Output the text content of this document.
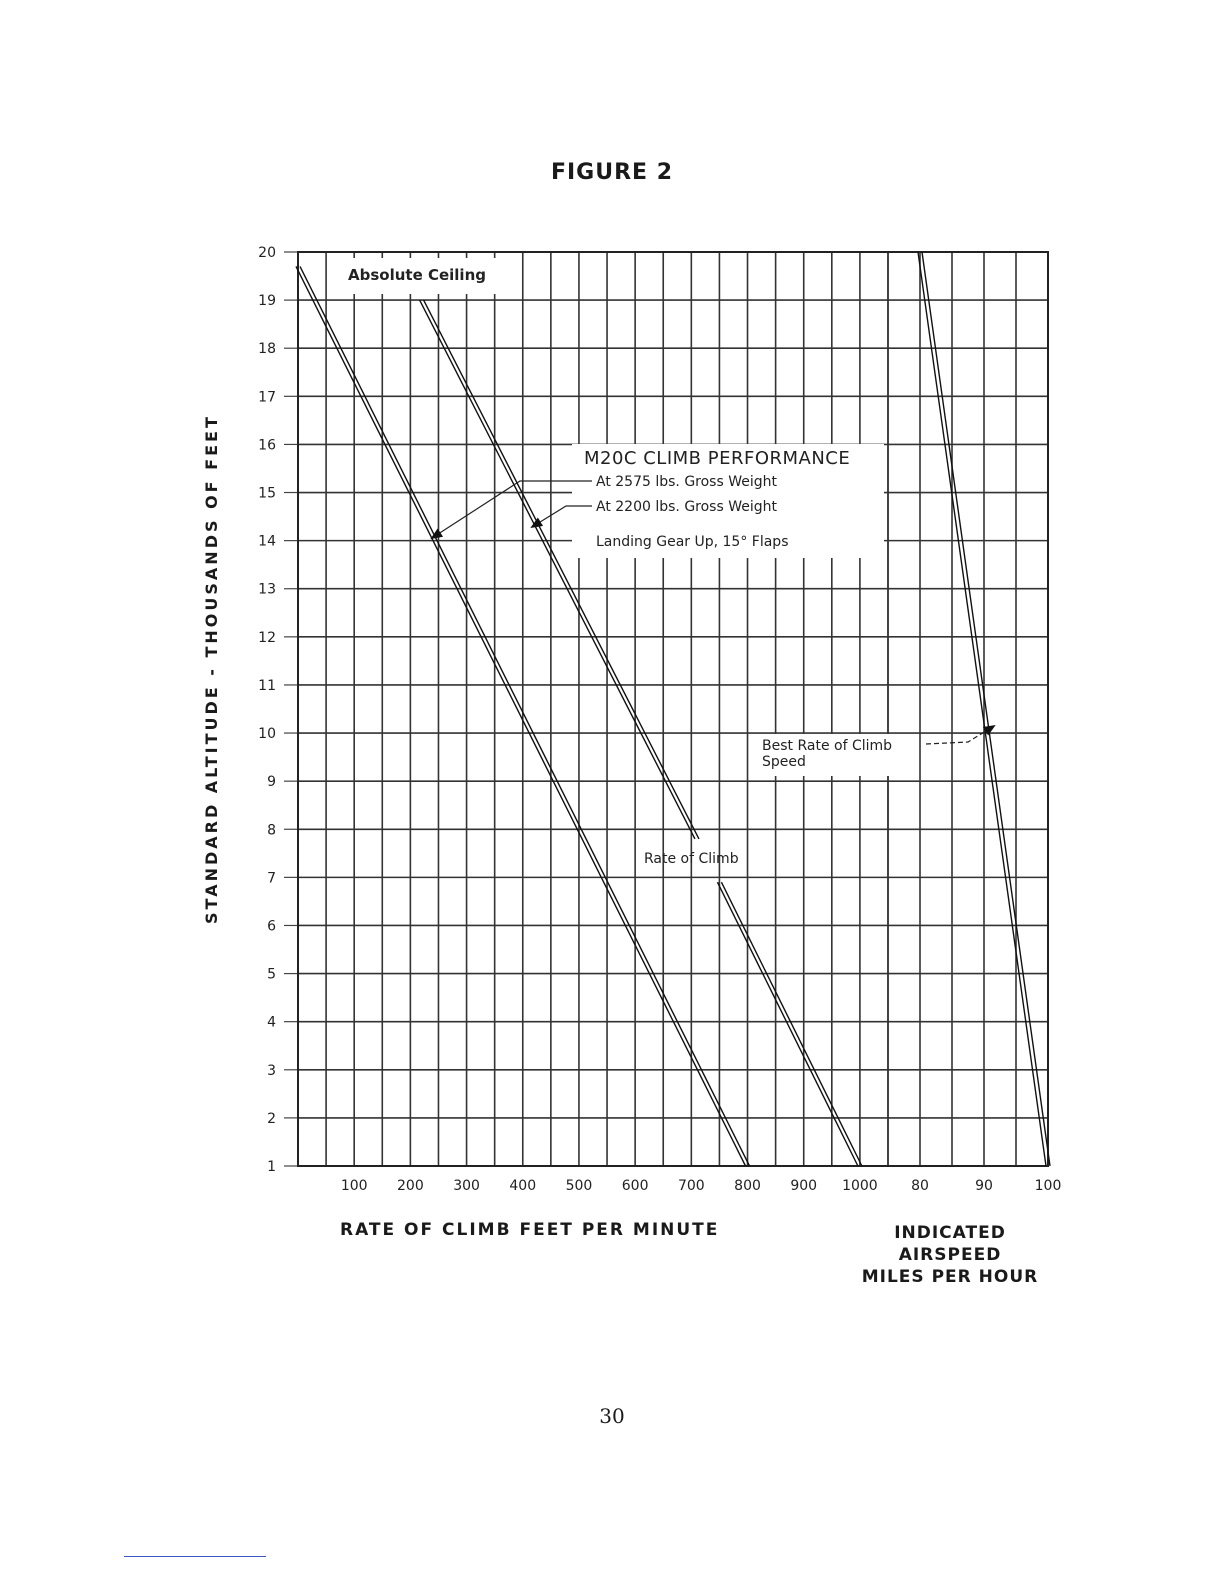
FIGURE 2
1
2
3
4
5
6
7
8
9
10
11
12
13
14
15
16
17
18
19
20
100 200 300 400 500 600 700 800 900 1000 80	90	100
STANDARD ALTITUDE - THOUSANDS OF FEET
RATE OF CLIMB FEET PER MINUTE	INDICATED
AIRSPEED
MILES PER HOUR
Absolute Ceiling
M20C CLIMB PERFORMANCE
At 2575 lbs. Gross Weight
At 2200 lbs. Gross Weight
Landing Gear Up, 15° Flaps
Best Rate of Climb
Speed
Rate of Climb
30
